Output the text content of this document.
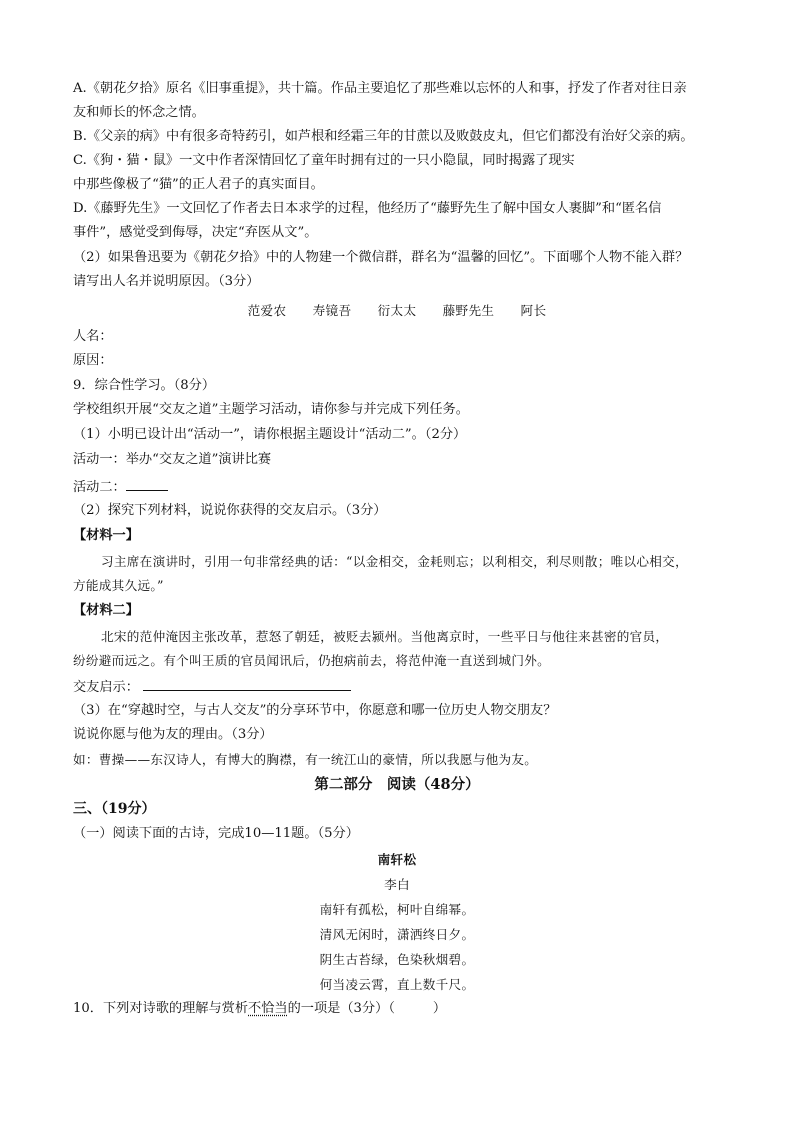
A.《朝花夕拾》原名《旧事重提》，共十篇。作品主要追忆了那些难以忘怀的人和事，抒发了作者对往日亲
友和师长的怀念之情。
B.《父亲的病》中有很多奇特药引，如芦根和经霜三年的甘蔗以及败鼓皮丸，但它们都没有治好父亲的病。
C.《狗・猫・鼠》一文中作者深情回忆了童年时拥有过的一只小隐鼠，同时揭露了现实
中那些像极了“猫”的正人君子的真实面目。
D.《藤野先生》一文回忆了作者去日本求学的过程，他经历了“藤野先生了解中国女人裹脚”和“匿名信
事件”，感觉受到侮辱，决定“弃医从文”。
（2）如果鲁迅要为《朝花夕拾》中的人物建一个微信群，群名为“温馨的回忆”。下面哪个人物不能入群？
请写出人名并说明原因。（3分）
范爱农 寿镜吾 衍太太 藤野先生 阿长
人名：
原因：
9．综合性学习。（8分）
学校组织开展“交友之道”主题学习活动，请你参与并完成下列任务。
（1）小明已设计出“活动一”，请你根据主题设计“活动二”。（2分）
活动一：举办“交友之道”演讲比赛
活动二：
（2）探究下列材料，说说你获得的交友启示。（3分）
【材料一】
习主席在演讲时，引用一句非常经典的话：“以金相交，金耗则忘；以利相交，利尽则散；唯以心相交，
方能成其久远。”
【材料二】
北宋的范仲淹因主张改革，惹怒了朝廷，被贬去颍州。当他离京时，一些平日与他往来甚密的官员，
纷纷避而远之。有个叫王质的官员闻讯后，仍抱病前去，将范仲淹一直送到城门外。
交友启示：
（3）在“穿越时空，与古人交友”的分享环节中，你愿意和哪一位历史人物交朋友？
说说你愿与他为友的理由。（3分）
如：曹操——东汉诗人，有博大的胸襟，有一统江山的豪情，所以我愿与他为友。
第二部分　阅读（48分）
三、（19分）
（一）阅读下面的古诗，完成10—11题。（5分）
南轩松
李白
南轩有孤松，柯叶自绵幂。
清风无闲时，潇洒终日夕。
阴生古苔绿，色染秋烟碧。
何当凌云霄，直上数千尺。
10．下列对诗歌的理解与赏析不恰当的一项是（3分）（	）
